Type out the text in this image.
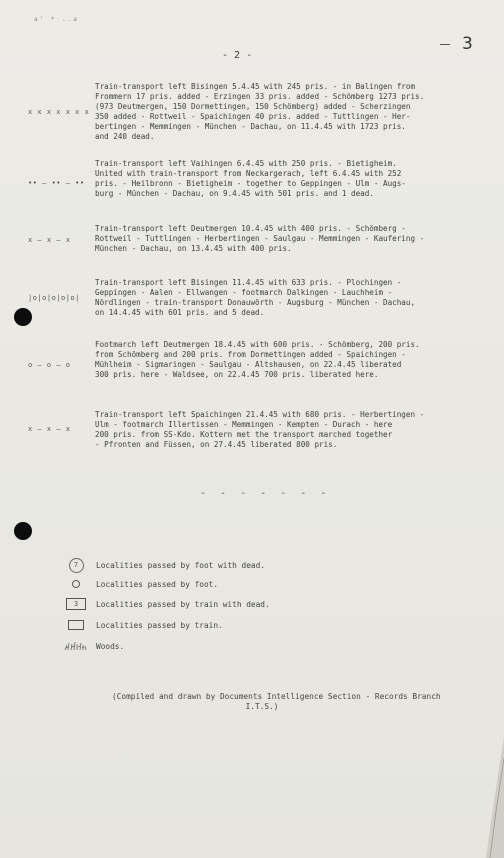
a' * ..a
- 2 -
3
x x x x x x x
Train-transport left Bisingen 5.4.45 with 245 pris. - in Balingen from
Frommern 17 pris. added - Erzingen 33 pris. added - Schömberg 1273 pris.
(973 Deutmergen, 150 Dormettingen, 150 Schömberg) added - Scherzingen
350 added - Rottweil - Spaichingen 40 pris. added - Tuttlingen - Her-
bertingen - Memmingen - München - Dachau, on 11.4.45 with 1723 pris.
and 240 dead.
•• — •• — ••
Train-transport left Vaihingen 6.4.45 with 250 pris. - Bietigheim.
United with train-transport from Neckargerach, left 6.4.45 with 252
pris. - Heilbronn - Bietigheim - together to Geppingen - Ulm - Augs-
burg - München - Dachau, on 9.4.45 with 501 pris. and 1 dead.
x — x — x
Train-transport left Deutmergen 10.4.45 with 400 pris. - Schömberg -
Rottweil - Tuttlingen - Herbertingen - Saulgau - Memmingen - Kaufering -
München - Dachau, on 13.4.45 with 400 pris.
|o|o|o|o|o|
Train-transport left Bisingen 11.4.45 with 633 pris. - Plochingen -
Geppingen - Aalen - Ellwangen - footmarch Dalkingen - Lauchheim -
Nördlingen - train-transport Donauwörth - Augsburg - München - Dachau,
on 14.4.45 with 601 pris. and 5 dead.
o — o — o
Footmarch left Deutmergen 18.4.45 with 600 pris. - Schömberg, 200 pris.
from Schömberg and 200 pris. from Dormettingen added - Spaichingen -
Mühlheim - Sigmaringen - Saulgau - Altshausen, on 22.4.45 liberated
300 pris. here - Waldsee, on 22.4.45 700 pris. liberated here.
x — x — x
Train-transport left Spaichingen 21.4.45 with 680 pris. - Herbertingen -
Ulm - footmarch Illertissen - Memmingen - Kempten - Durach - here
200 pris. from SS-Kdo. Kottern met the transport marched together
- Pfronten and Füssen, on 27.4.45 liberated 800 pris.
- - - - - - -
7	Localities passed by foot with dead.
Localities passed by foot.
3	Localities passed by train with dead.
Localities passed by train.
Woods.
(Compiled and drawn by Documents Intelligence Section - Records Branch
I.T.S.)
